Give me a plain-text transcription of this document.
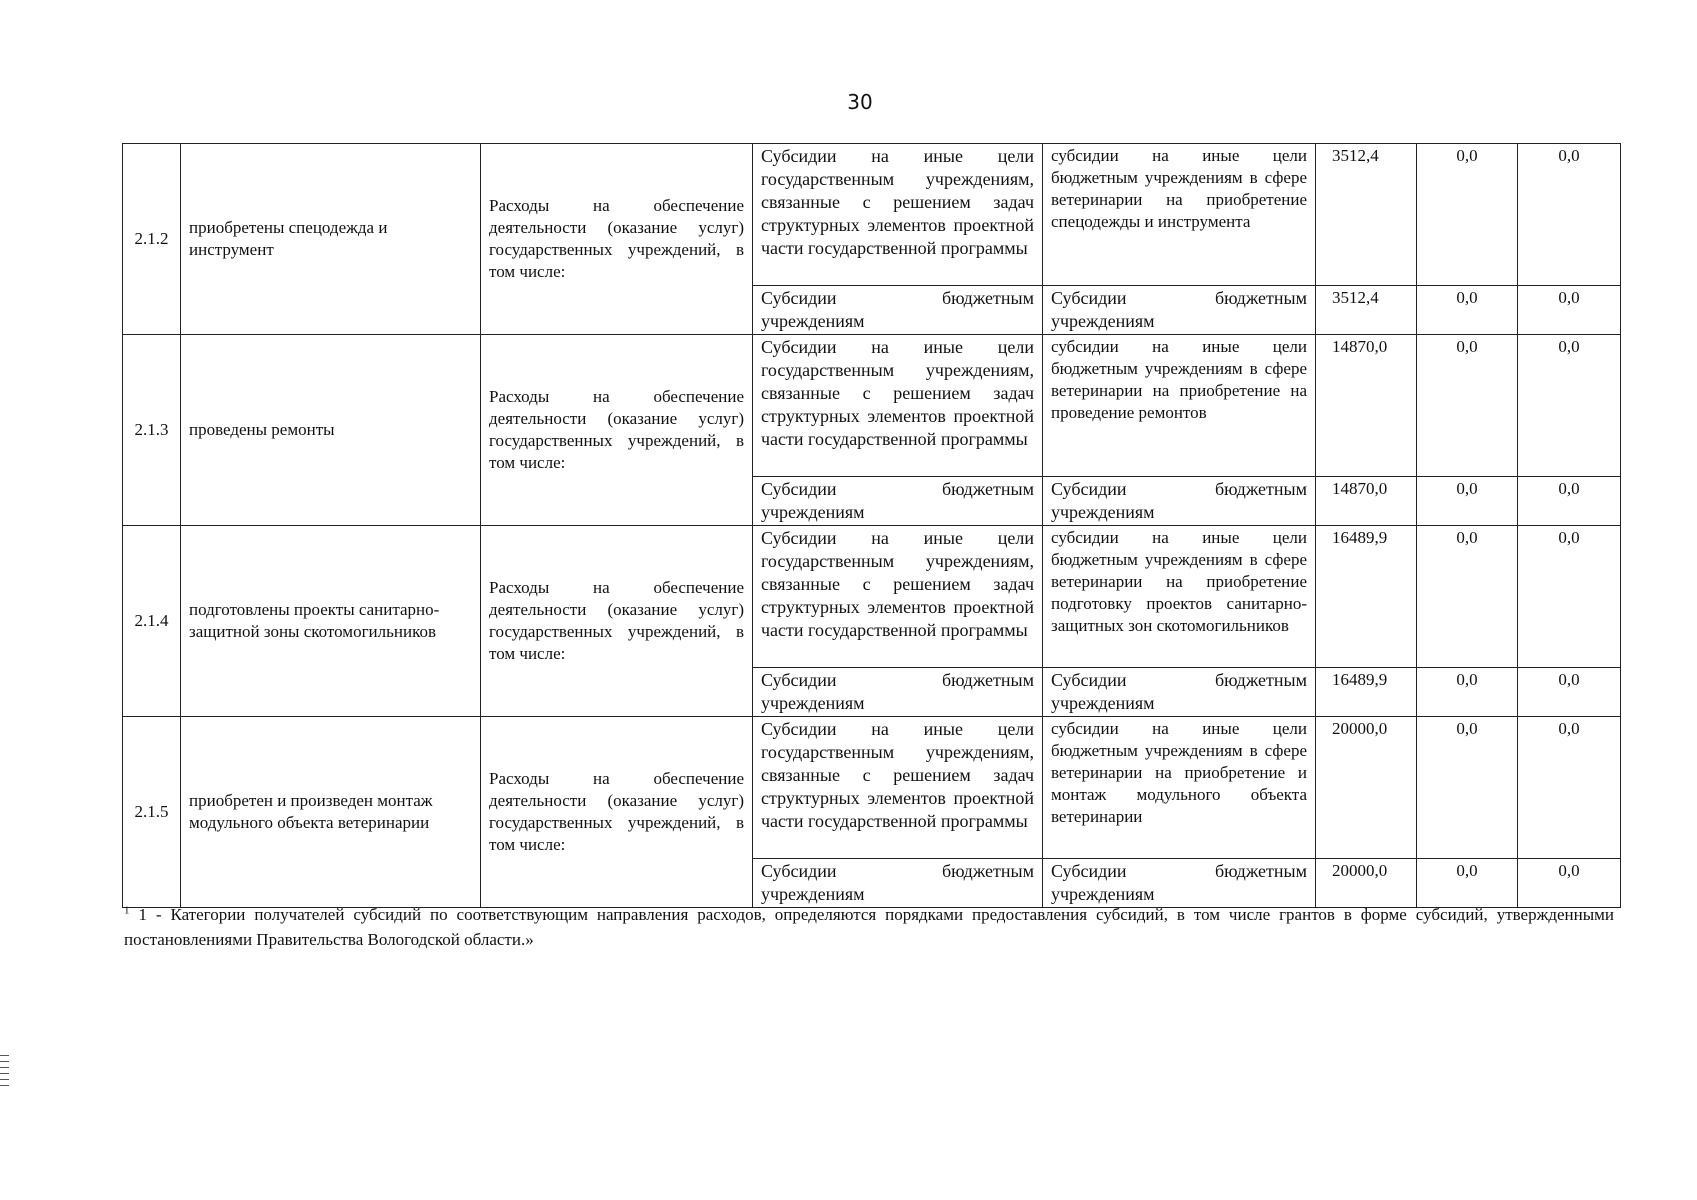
30
2.1.2	приобретены спецодежда и инструмент	Расходы на обеспечение деятельности (оказание услуг) государственных учреждений, в том числе:	Субсидии на иные цели государственным учреждениям, связанные с решением задач структурных элементов проектной части государственной программы	субсидии на иные цели бюджетным учреждениям в сфере ветеринарии на приобретение спецодежды и инструмента	3512,4	0,0	0,0
			Субсидии бюджетным учреждениям	Субсидии бюджетным учреждениям	3512,4	0,0	0,0
2.1.3	проведены ремонты	Расходы на обеспечение деятельности (оказание услуг) государственных учреждений, в том числе:	Субсидии на иные цели государственным учреждениям, связанные с решением задач структурных элементов проектной части государственной программы	субсидии на иные цели бюджетным учреждениям в сфере ветеринарии на приобретение на проведение ремонтов	14870,0	0,0	0,0
			Субсидии бюджетным учреждениям	Субсидии бюджетным учреждениям	14870,0	0,0	0,0
2.1.4	подготовлены проекты санитарно-защитной зоны скотомогильников	Расходы на обеспечение деятельности (оказание услуг) государственных учреждений, в том числе:	Субсидии на иные цели государственным учреждениям, связанные с решением задач структурных элементов проектной части государственной программы	субсидии на иные цели бюджетным учреждениям в сфере ветеринарии на приобретение подготовку проектов санитарно-защитных зон скотомогильников	16489,9	0,0	0,0
			Субсидии бюджетным учреждениям	Субсидии бюджетным учреждениям	16489,9	0,0	0,0
2.1.5	приобретен и произведен монтаж модульного объекта ветеринарии	Расходы на обеспечение деятельности (оказание услуг) государственных учреждений, в том числе:	Субсидии на иные цели государственным учреждениям, связанные с решением задач структурных элементов проектной части государственной программы	субсидии на иные цели бюджетным учреждениям в сфере ветеринарии на приобретение и монтаж модульного объекта ветеринарии	20000,0	0,0	0,0
			Субсидии бюджетным учреждениям	Субсидии бюджетным учреждениям	20000,0	0,0	0,0
$^1$ 1 - Категории получателей субсидий по соответствующим направления расходов, определяются порядками предоставления субсидий, в том числе грантов в форме субсидий, утвержденными постановлениями Правительства Вологодской области.»
